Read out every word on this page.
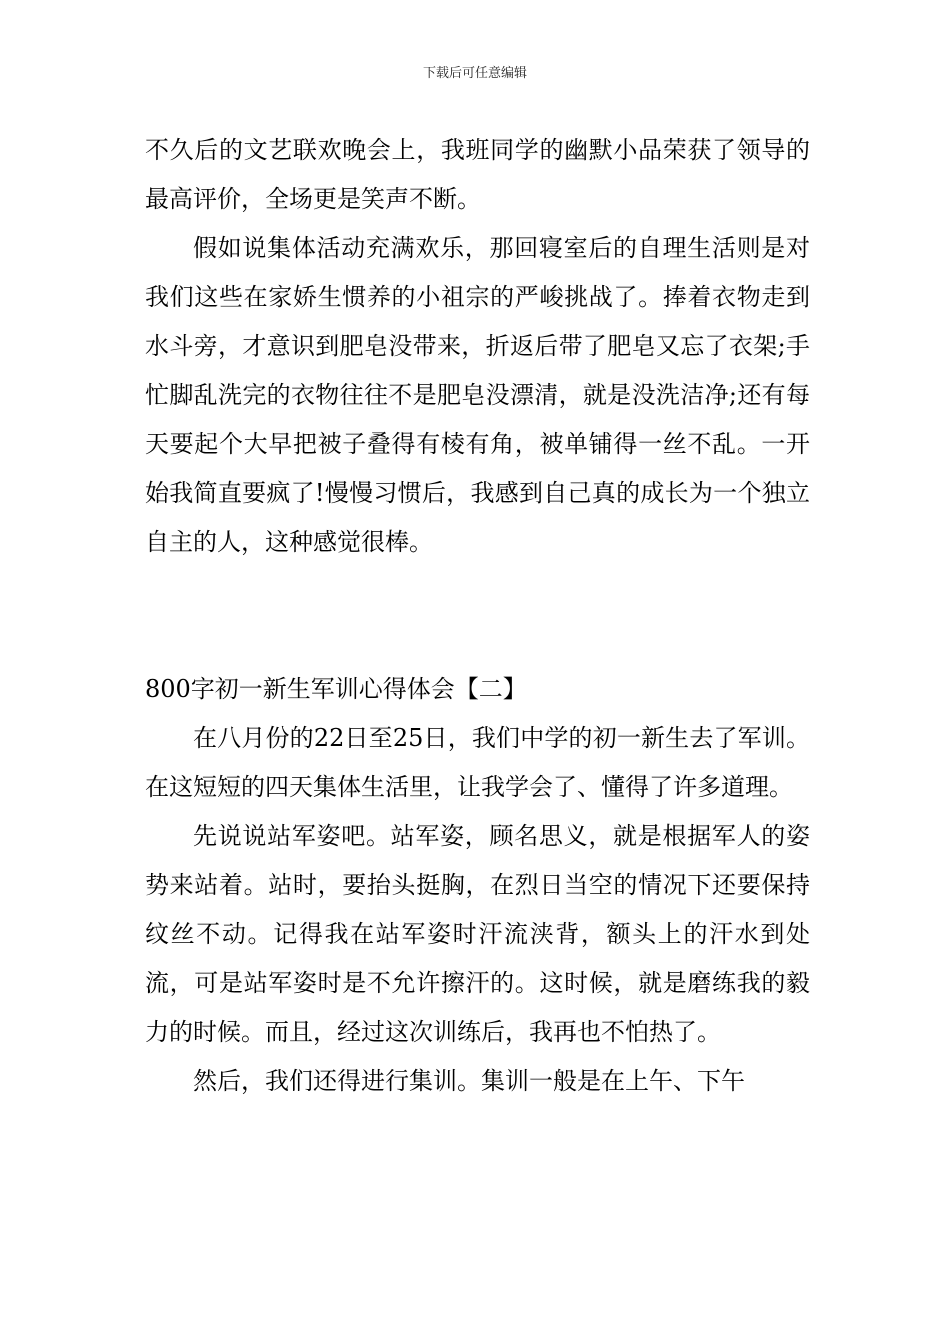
下载后可任意编辑

不久后的文艺联欢晚会上，我班同学的幽默小品荣获了领导的最高评价，全场更是笑声不断。

假如说集体活动充满欢乐，那回寝室后的自理生活则是对我们这些在家娇生惯养的小祖宗的严峻挑战了。捧着衣物走到水斗旁，才意识到肥皂没带来，折返后带了肥皂又忘了衣架;手忙脚乱洗完的衣物往往不是肥皂没漂清，就是没洗洁净;还有每天要起个大早把被子叠得有棱有角，被单铺得一丝不乱。一开始我简直要疯了!慢慢习惯后，我感到自己真的成长为一个独立自主的人，这种感觉很棒。

800字初一新生军训心得体会【二】

在八月份的22日至25日，我们中学的初一新生去了军训。在这短短的四天集体生活里，让我学会了、懂得了许多道理。

先说说站军姿吧。站军姿，顾名思义，就是根据军人的姿势来站着。站时，要抬头挺胸，在烈日当空的情况下还要保持纹丝不动。记得我在站军姿时汗流浃背，额头上的汗水到处流，可是站军姿时是不允许擦汗的。这时候，就是磨练我的毅力的时候。而且，经过这次训练后，我再也不怕热了。

然后，我们还得进行集训。集训一般是在上午、下午
